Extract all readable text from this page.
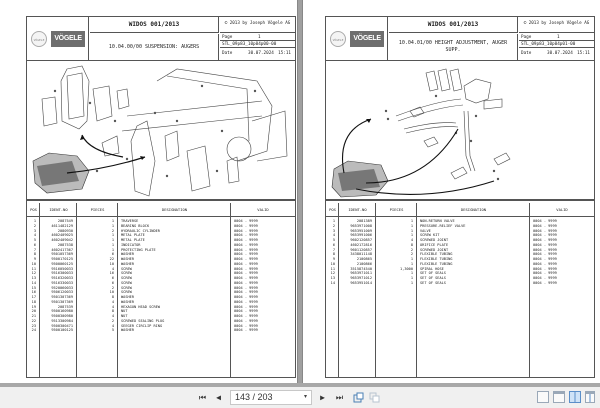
VÖGELE	VÖGELE
WIDOS 001/2013	© 2013 by Joseph Vögele AG
10.04.00/00 SUSPENSION: AUGERS
Page	1
STL_09p83_10p04p00-00
Date	30.07.2024 15:11
POS	IDENT-NO	PIECES	DESIGNATION	VALID
1	2087549	1	TRAVERSE	0004 - 9999
2	4611482129	1	BEARING BLOCK	0004 - 9999
3	2080930	2	HYDRAULIC CYLINDER	0004 - 9999
4	4602409025	1	METAL PLATE	0004 - 9999
5	4602409042	1	METAL PLATE	0004 - 9999
6	2087538	1	INDICATOR	0004 - 9999
7	4602417367	1	PROTECTING PLATE	0004 - 9999
8	9501057369	6	WASHER	0004 - 9999
9	9500170125	22	WASHER	0004 - 9999
10	9500060125	10	WASHER	0004 - 9999
11	9516050033	4	SCREW	0004 - 9999
12	9516300033	16	SCREW	0004 - 9999
13	9516320033	6	SCREW	0004 - 9999
14	9516330033	6	SCREW	0004 - 9999
15	9520060033	2	SCREW	0004 - 9999
16	9506120033	10	SCREW	0004 - 9999
17	9501307369	8	WASHER	0004 - 9999
18	9501307369	4	WASHER	0004 - 9999
19	2087539	4	HEXAGON HEAD SCREW	0004 - 9999
20	9500160980	8	NUT	0004 - 9999
21	9500300980	4	NUT	0004 - 9999
22	9513300984	2	SCREWED SEALING PLUG	0004 - 9999
23	9500300471	4	SEEGER CIRCLIP RING	0004 - 9999
24	9500100125	5	WASHER	0004 - 9999
VÖGELE	VÖGELE
WIDOS 001/2013	© 2013 by Joseph Vögele AG
10.04.01/00 HEIGHT ADJUSTMENT, AUGER SUPP.
Page	1
STL_09p83_10p04p01-00
Date	30.07.2024 15:11
POS	IDENT-NO	PIECES	DESIGNATION	VALID
1	2081389	1	NON-RETURN VALVE	0004 - 9999
2	9653971008	1	PRESSURE-RELIEF VALVE	0004 - 9999
3	9653951009	1	VALVE	0004 - 9999
4	9653991006	1	SCREW KIT	0004 - 9999
5	9602120857	4	SCREWED JOINT	0004 - 9999
6	4602172816	8	ORIFICE PLATE	0004 - 9999
7	9601120857	2	SCREWED JOINT	0004 - 9999
8	3438011148	2	FLEXIBLE TUBING	0004 - 9999
9	2100865	1	FLEXIBLE TUBING	0004 - 9999
10	2100866	1	FLEXIBLE TUBING	0004 - 9999
11	3515874540	1,3000	SPIRAL HOSE	0004 - 9999
12	9653971011	1	SET OF SEALS	0004 - 9999
13	9653971012	1	SET OF SEALS	0004 - 9999
14	9653951014	1	SET OF SEALS	0004 - 9999
⏮ ◀	143 / 203	▾ ▶ ⏭
